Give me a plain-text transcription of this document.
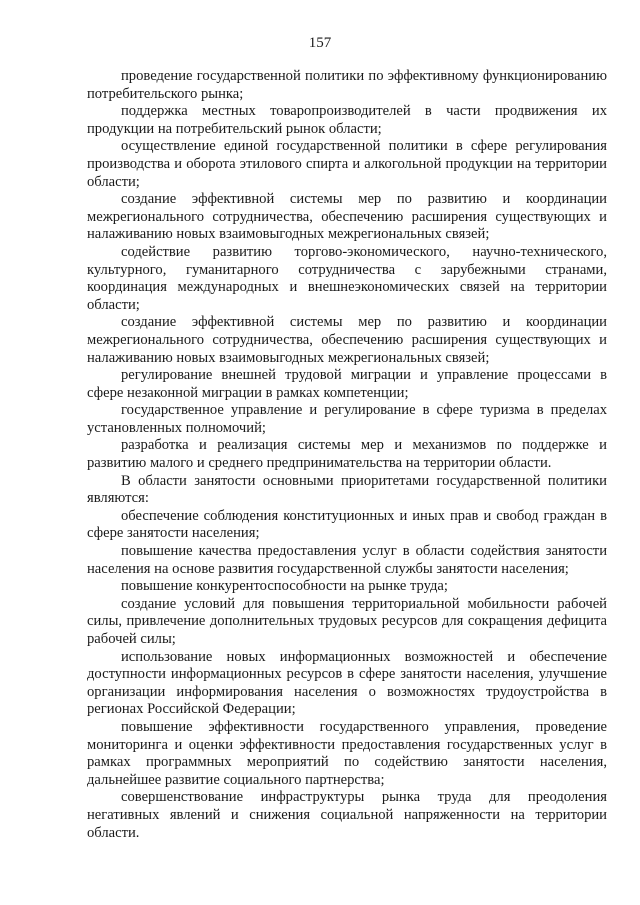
157

проведение государственной политики по эффективному функционированию потребительского рынка;

поддержка местных товаропроизводителей в части продвижения их продукции на потребительский рынок области;

осуществление единой государственной политики в сфере регулирования производства и оборота этилового спирта и алкогольной продукции на территории области;

создание эффективной системы мер по развитию и координации межрегионального сотрудничества, обеспечению расширения существующих и налаживанию новых взаимовыгодных межрегиональных связей;

содействие развитию торгово-экономического, научно-технического, культурного, гуманитарного сотрудничества с зарубежными странами, координация международных и внешнеэкономических связей на территории области;

создание эффективной системы мер по развитию и координации межрегионального сотрудничества, обеспечению расширения существующих и налаживанию новых взаимовыгодных межрегиональных связей;

регулирование внешней трудовой миграции и управление процессами в сфере незаконной миграции в рамках компетенции;

государственное управление и регулирование в сфере туризма в пределах установленных полномочий;

разработка и реализация системы мер и механизмов по поддержке и развитию малого и среднего предпринимательства на территории области.

В области занятости основными приоритетами государственной политики являются:

обеспечение соблюдения конституционных и иных прав и свобод граждан в сфере занятости населения;

повышение качества предоставления услуг в области содействия занятости населения на основе развития государственной службы занятости населения;

повышение конкурентоспособности на рынке труда;

создание условий для повышения территориальной мобильности рабочей силы, привлечение дополнительных трудовых ресурсов для сокращения дефицита рабочей силы;

использование новых информационных возможностей и обеспечение доступности информационных ресурсов в сфере занятости населения, улучшение организации информирования населения о возможностях трудоустройства в регионах Российской Федерации;

повышение эффективности государственного управления, проведение мониторинга и оценки эффективности предоставления государственных услуг в рамках программных мероприятий по содействию занятости населения, дальнейшее развитие социального партнерства;

совершенствование инфраструктуры рынка труда для преодоления негативных явлений и снижения социальной напряженности на территории области.
